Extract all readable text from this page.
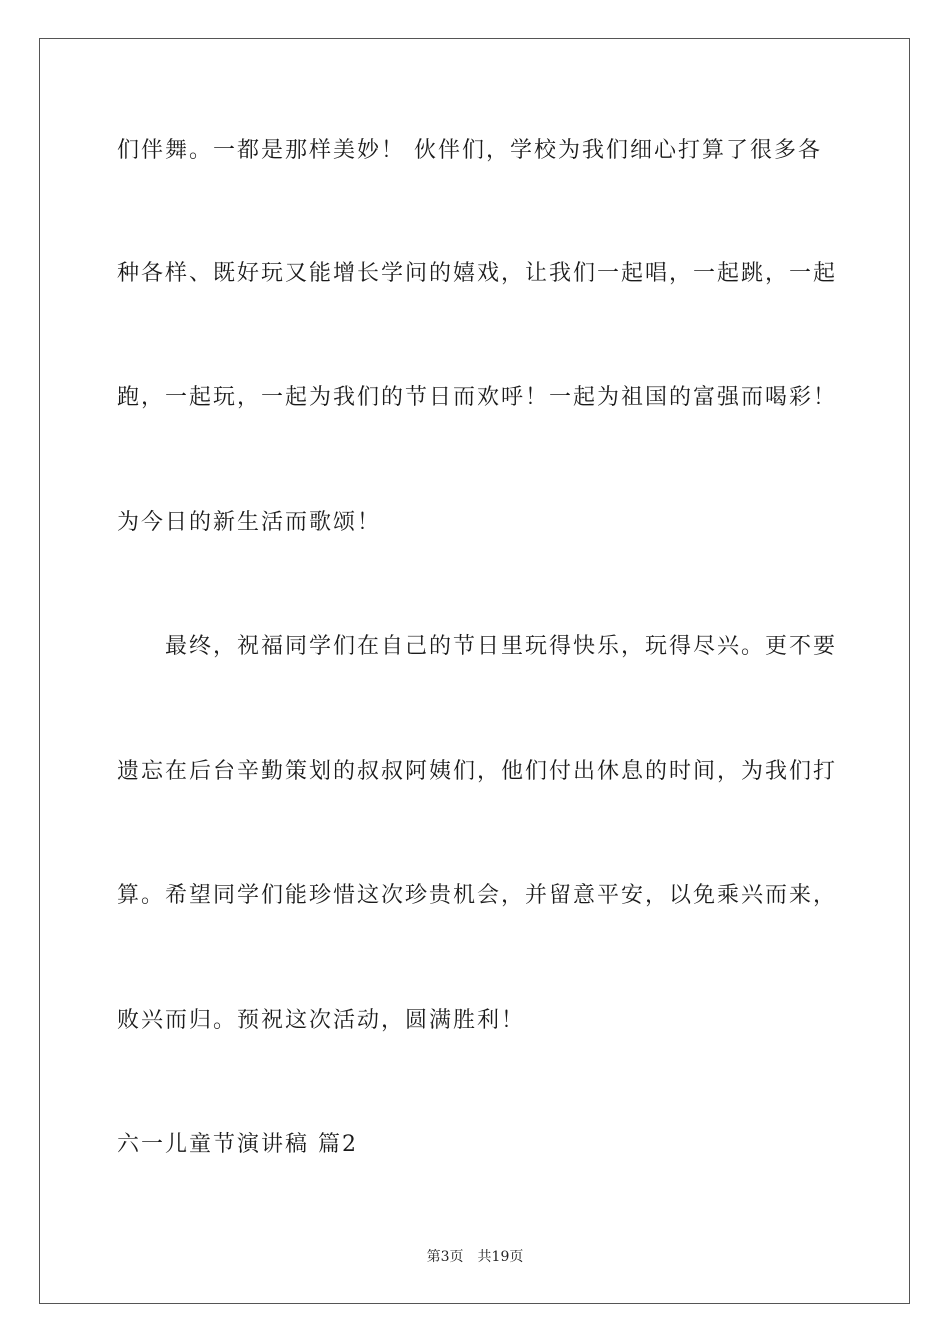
们伴舞。一都是那样美妙！ 伙伴们，学校为我们细心打算了很多各
种各样、既好玩又能增长学问的嬉戏，让我们一起唱，一起跳，一起
跑，一起玩，一起为我们的节日而欢呼！一起为祖国的富强而喝彩！
为今日的新生活而歌颂！
最终，祝福同学们在自己的节日里玩得快乐，玩得尽兴。更不要
遗忘在后台辛勤策划的叔叔阿姨们，他们付出休息的时间，为我们打
算。希望同学们能珍惜这次珍贵机会，并留意平安，以免乘兴而来，
败兴而归。预祝这次活动，圆满胜利！
六一儿童节演讲稿 篇2
第3页 共19页
